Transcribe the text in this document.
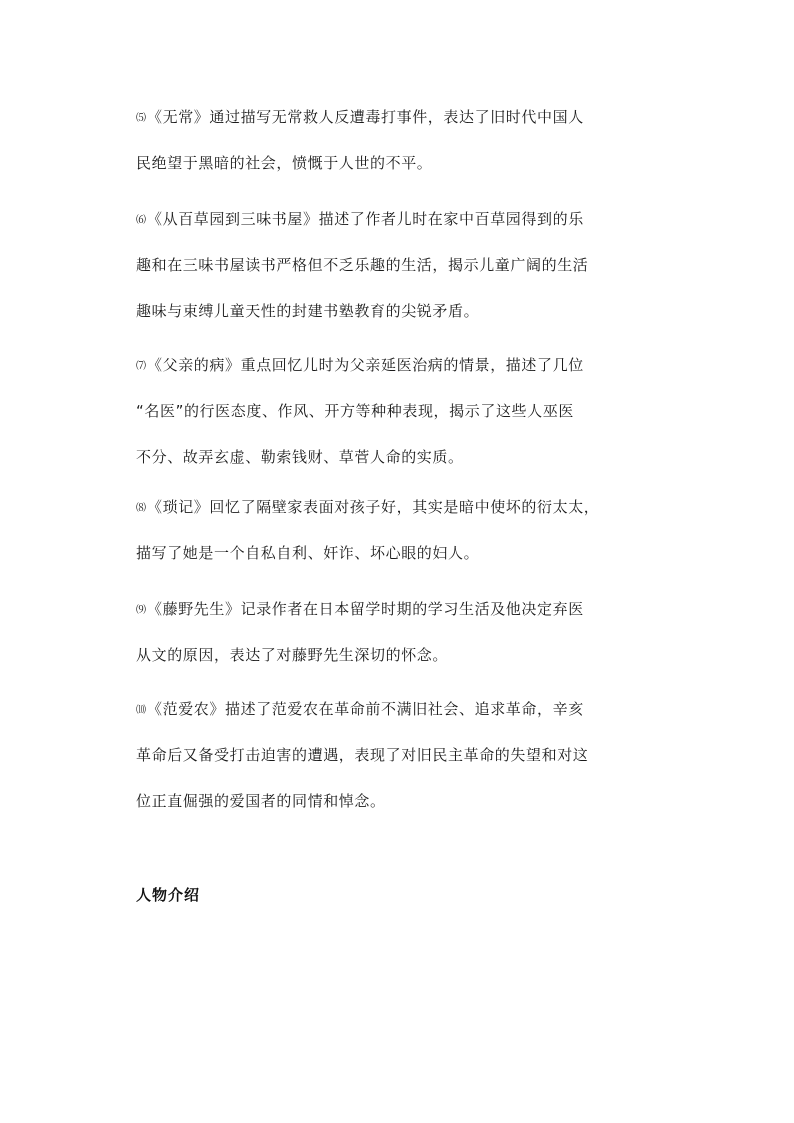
⑸《无常》通过描写无常救人反遭毒打事件，表达了旧时代中国人
民绝望于黑暗的社会，愤慨于人世的不平。
⑹《从百草园到三味书屋》描述了作者儿时在家中百草园得到的乐
趣和在三味书屋读书严格但不乏乐趣的生活，揭示儿童广阔的生活
趣味与束缚儿童天性的封建书塾教育的尖锐矛盾。
⑺《父亲的病》重点回忆儿时为父亲延医治病的情景，描述了几位
“名医”的行医态度、作风、开方等种种表现，揭示了这些人巫医
不分、故弄玄虚、勒索钱财、草菅人命的实质。
⑻《琐记》回忆了隔壁家表面对孩子好，其实是暗中使坏的衍太太，
描写了她是一个自私自利、奸诈、坏心眼的妇人。
⑼《藤野先生》记录作者在日本留学时期的学习生活及他决定弃医
从文的原因，表达了对藤野先生深切的怀念。
⑽《范爱农》描述了范爱农在革命前不满旧社会、追求革命，辛亥
革命后又备受打击迫害的遭遇，表现了对旧民主革命的失望和对这
位正直倔强的爱国者的同情和悼念。
人物介绍
